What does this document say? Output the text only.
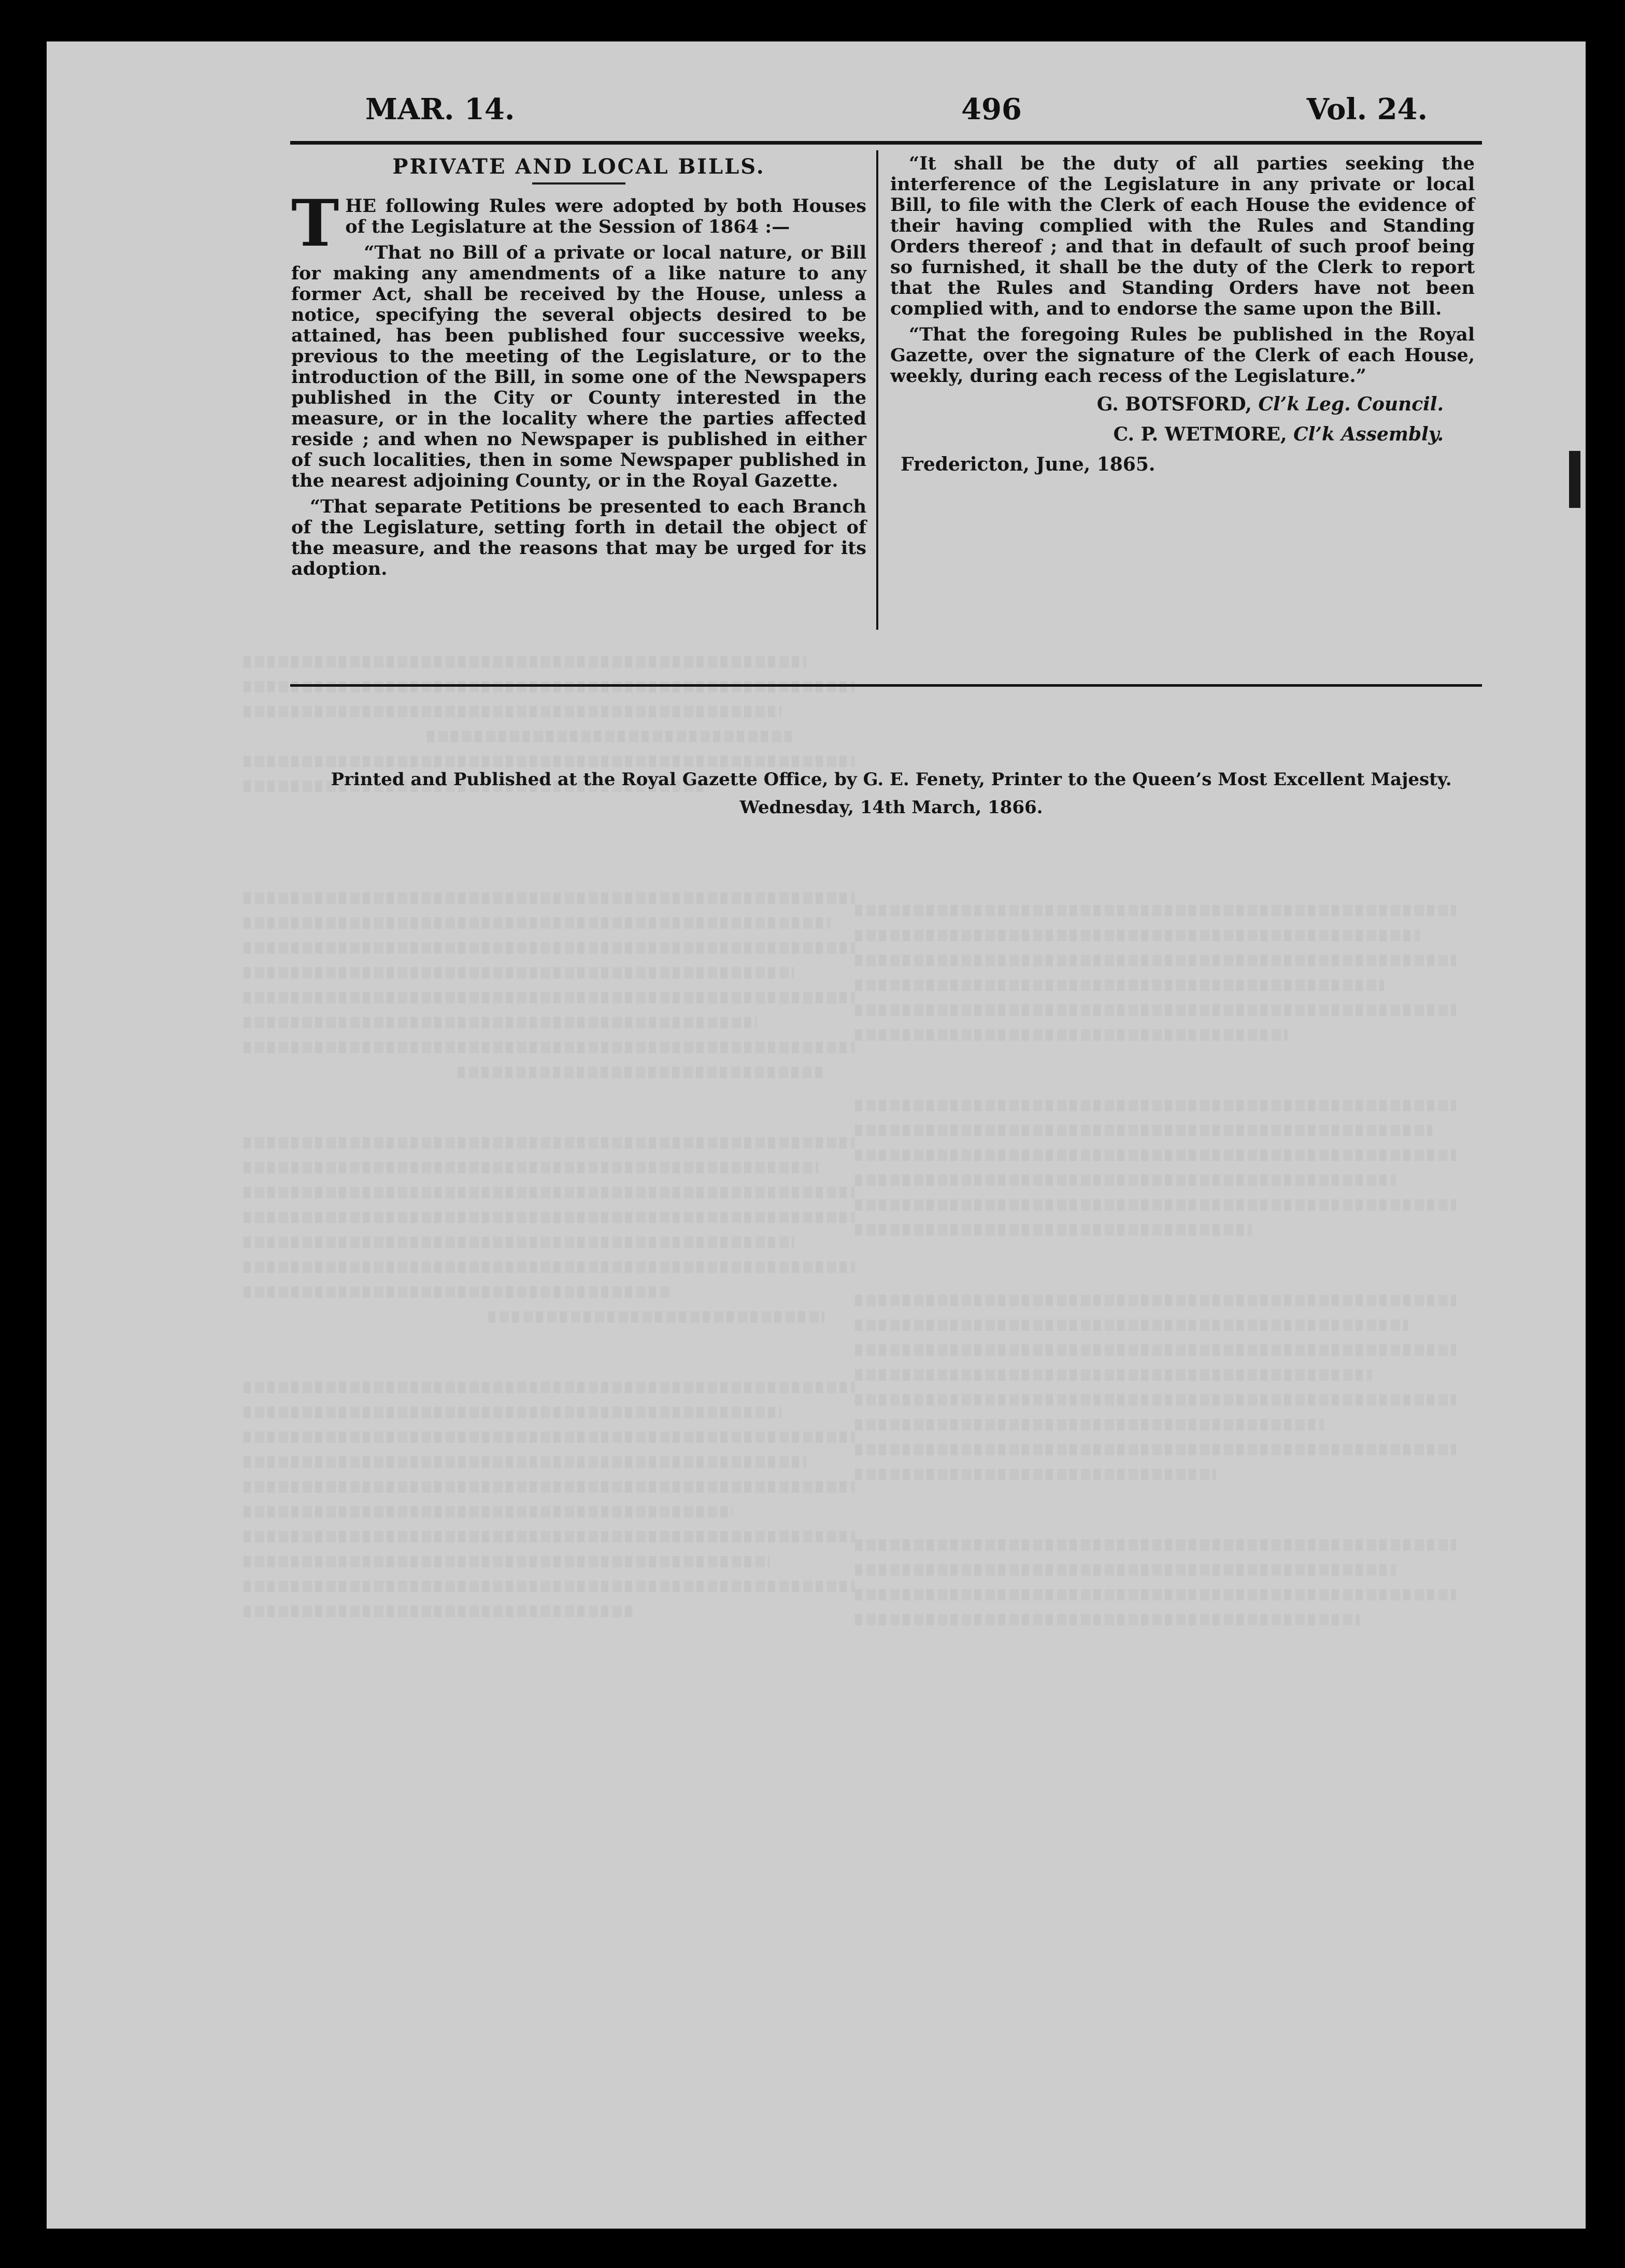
MAR. 14.	496	Vol. 24.
PRIVATE AND LOCAL BILLS.

THE following Rules were adopted by both Houses of the Legislature at the Session of 1864 :—

“That no Bill of a private or local nature, or Bill for making any amendments of a like nature to any former Act, shall be received by the House, unless a notice, specifying the several objects desired to be attained, has been published four successive weeks, previous to the meeting of the Legislature, or to the introduction of the Bill, in some one of the Newspapers published in the City or County interested in the measure, or in the locality where the parties affected reside ; and when no Newspaper is published in either of such localities, then in some Newspaper published in the nearest adjoining County, or in the Royal Gazette.

“That separate Petitions be presented to each Branch of the Legislature, setting forth in detail the object of the measure, and the reasons that may be urged for its adoption.

“It shall be the duty of all parties seeking the interference of the Legislature in any private or local Bill, to file with the Clerk of each House the evidence of their having complied with the Rules and Standing Orders thereof ; and that in default of such proof being so furnished, it shall be the duty of the Clerk to report that the Rules and Standing Orders have not been complied with, and to endorse the same upon the Bill.

“That the foregoing Rules be published in the Royal Gazette, over the signature of the Clerk of each House, weekly, during each recess of the Legislature.”

G. BOTSFORD, Cl’k Leg. Council.

C. P. WETMORE, Cl’k Assembly.

Fredericton, June, 1865.

Printed and Published at the Royal Gazette Office, by G. E. Fenety, Printer to the Queen’s Most Excellent Majesty.
Wednesday, 14th March, 1866.
